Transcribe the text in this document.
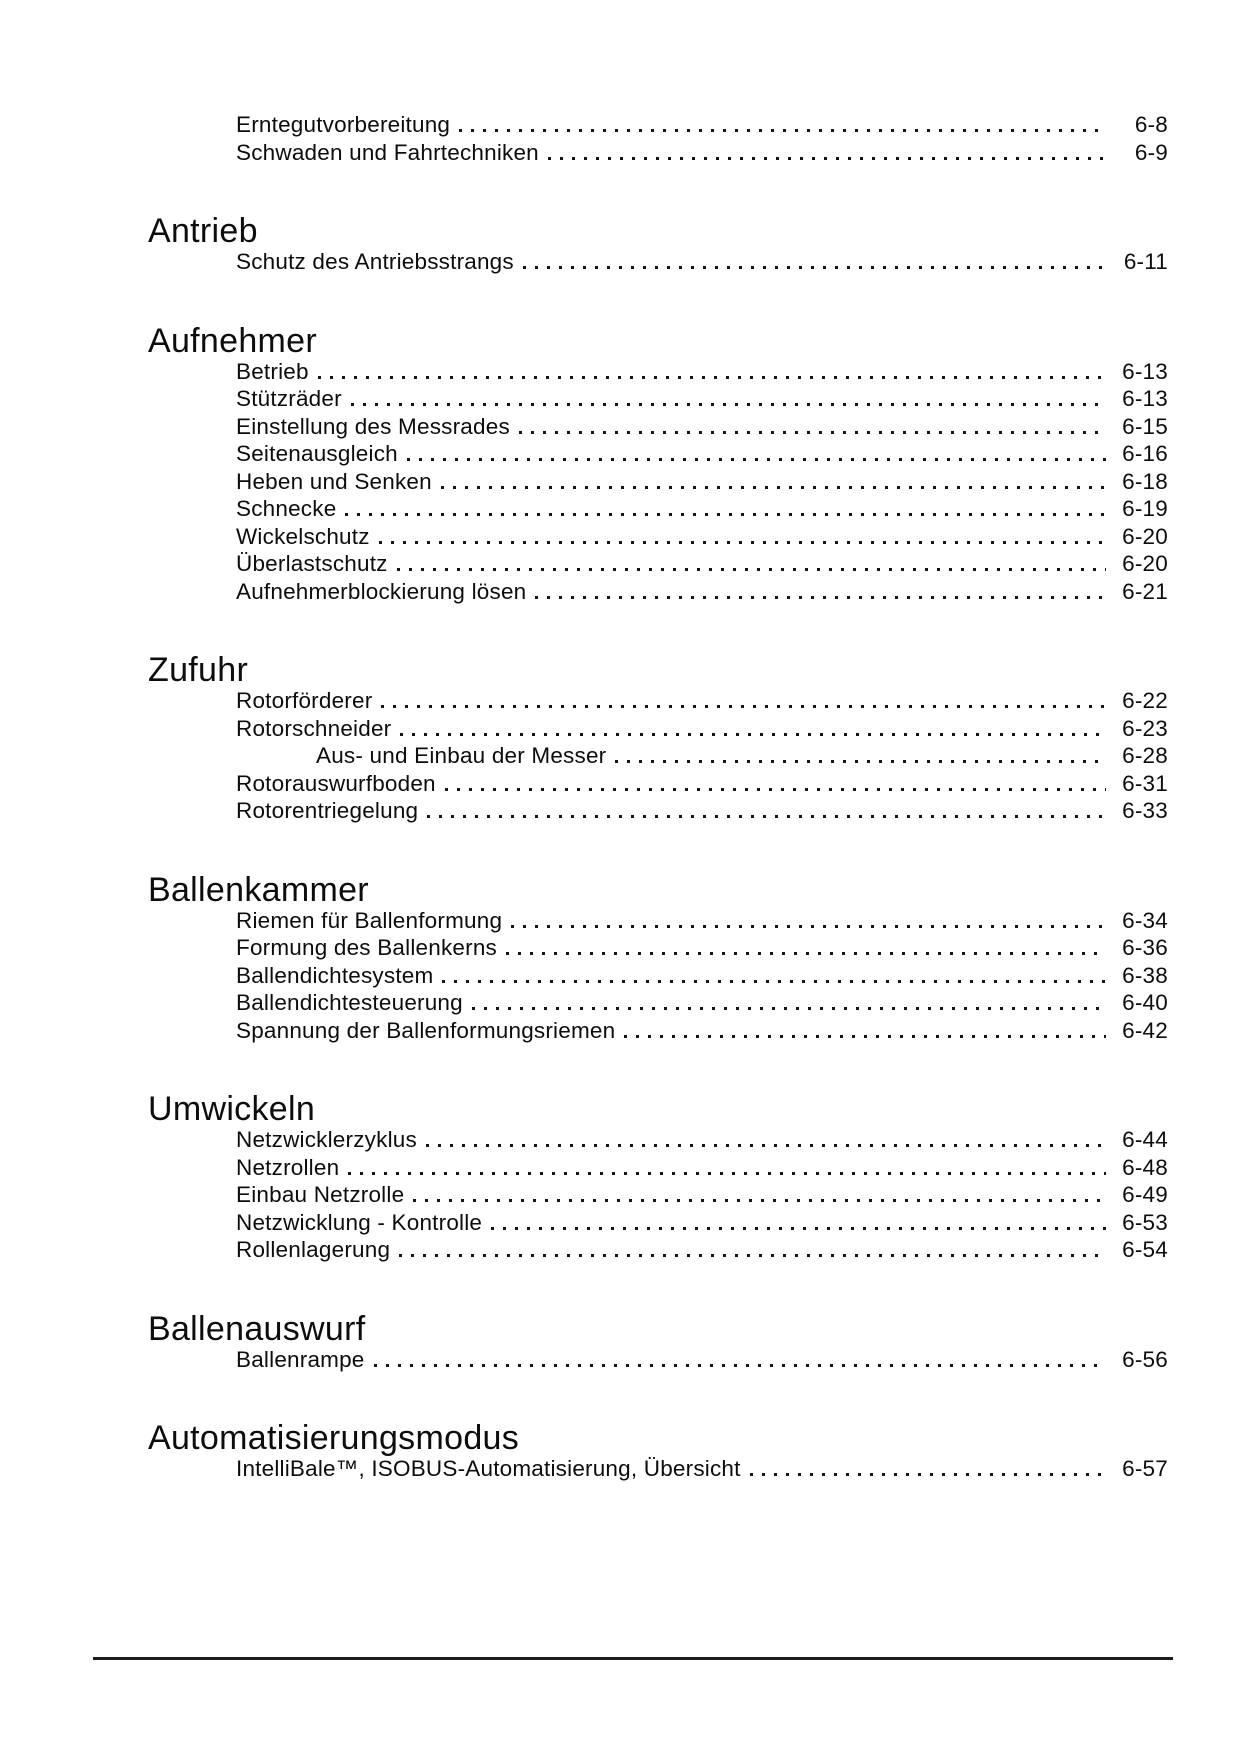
Erntegutvorbereitung	6-8
Schwaden und Fahrtechniken	6-9
Antrieb
Schutz des Antriebsstrangs	6-11
Aufnehmer
Betrieb	6-13
Stützräder	6-13
Einstellung des Messrades	6-15
Seitenausgleich	6-16
Heben und Senken	6-18
Schnecke	6-19
Wickelschutz	6-20
Überlastschutz	6-20
Aufnehmerblockierung lösen	6-21
Zufuhr
Rotorförderer	6-22
Rotorschneider	6-23
Aus- und Einbau der Messer	6-28
Rotorauswurfboden	6-31
Rotorentriegelung	6-33
Ballenkammer
Riemen für Ballenformung	6-34
Formung des Ballenkerns	6-36
Ballendichtesystem	6-38
Ballendichtesteuerung	6-40
Spannung der Ballenformungsriemen	6-42
Umwickeln
Netzwicklerzyklus	6-44
Netzrollen	6-48
Einbau Netzrolle	6-49
Netzwicklung - Kontrolle	6-53
Rollenlagerung	6-54
Ballenauswurf
Ballenrampe	6-56
Automatisierungsmodus
IntelliBale™, ISOBUS-Automatisierung, Übersicht	6-57
